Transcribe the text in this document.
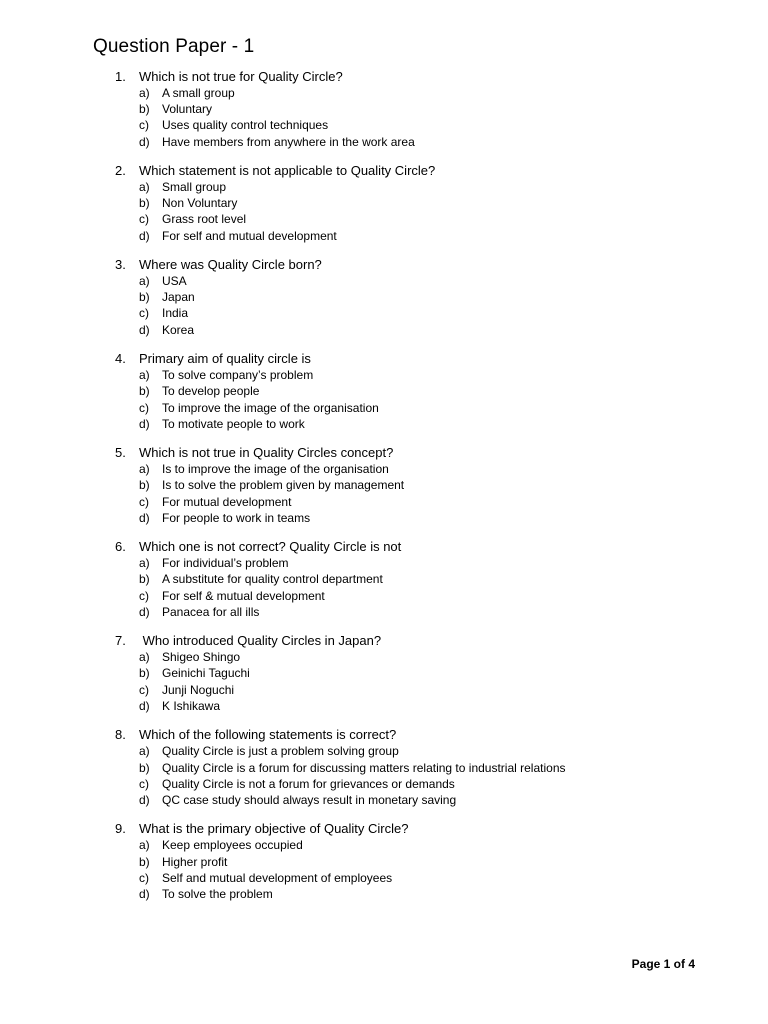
Question Paper - 1
1.	Which is not true for Quality Circle?
a)	A small group
b)	Voluntary
c)	Uses quality control techniques
d)	Have members from anywhere in the work area
2.	Which statement is not applicable to Quality Circle?
a)	Small group
b)	Non Voluntary
c)	Grass root level
d)	For self and mutual development
3.	Where was Quality Circle born?
a)	USA
b)	Japan
c)	India
d)	Korea
4.	Primary aim of quality circle is
a)	To solve company’s problem
b)	To develop people
c)	To improve the image of the organisation
d)	To motivate people to work
5.	Which is not true in Quality Circles concept?
a)	Is to improve the image of the organisation
b)	Is to solve the problem given by management
c)	For mutual development
d)	For people to work in teams
6.	Which one is not correct? Quality Circle is not
a)	For individual’s problem
b)	A substitute for quality control department
c)	For self & mutual development
d)	Panacea for all ills
7.	Who introduced Quality Circles in Japan?
a)	Shigeo Shingo
b)	Geinichi Taguchi
c)	Junji Noguchi
d)	K Ishikawa
8.	Which of the following statements is correct?
a)	Quality Circle is just a problem solving group
b)	Quality Circle is a forum for discussing matters relating to industrial relations
c)	Quality Circle is not a forum for grievances or demands
d)	QC case study should always result in monetary saving
9.	What is the primary objective of Quality Circle?
a)	Keep employees occupied
b)	Higher profit
c)	Self and mutual development of employees
d)	To solve the problem
Page 1 of 4
